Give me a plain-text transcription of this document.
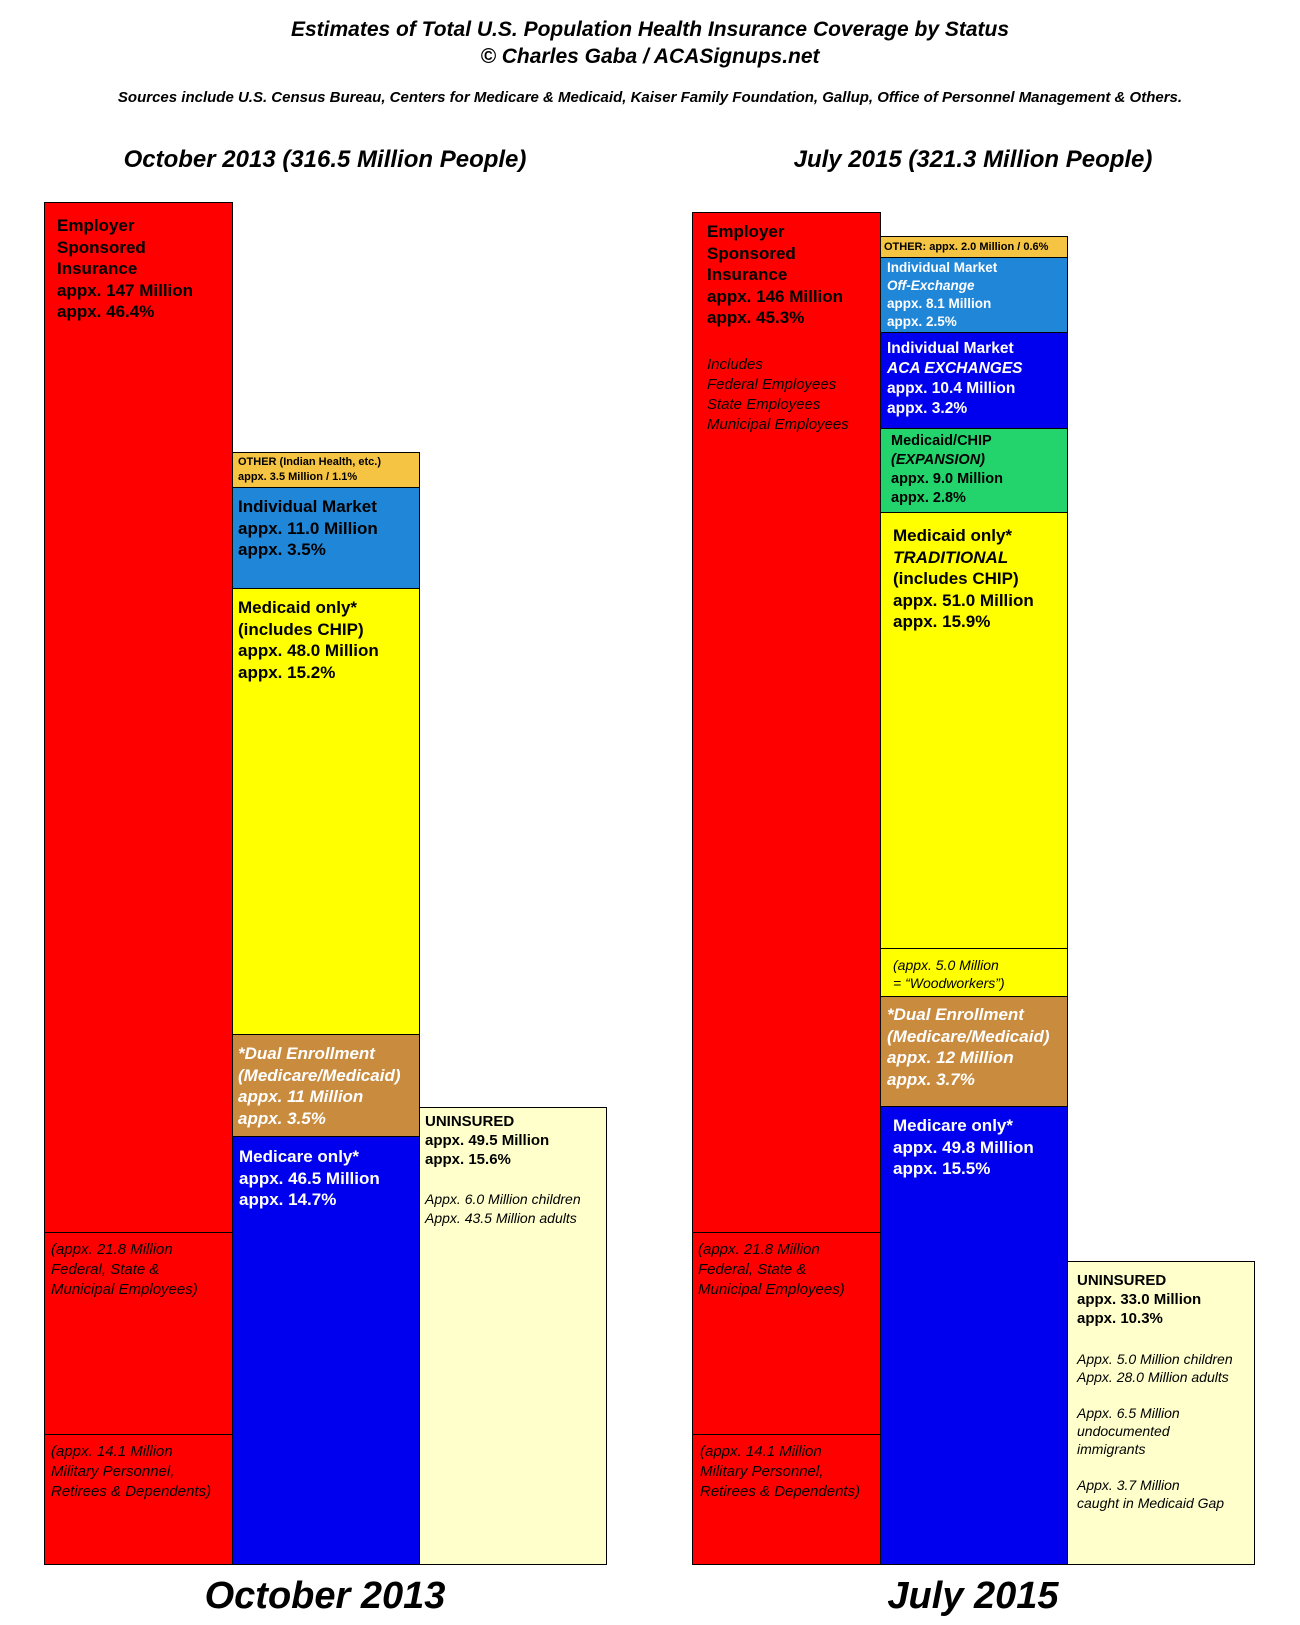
Estimates of Total U.S. Population Health Insurance Coverage by Status
© Charles Gaba / ACASignups.net
Sources include U.S. Census Bureau, Centers for Medicare & Medicaid, Kaiser Family Foundation, Gallup, Office of Personnel Management & Others.
October 2013 (316.5 Million People)	July 2015 (321.3 Million People)
Employer
Sponsored
Insurance
appx. 147 Million
appx. 46.4%
(appx. 21.8 Million
Federal, State &
Municipal Employees)
(appx. 14.1 Million
Military Personnel,
Retirees & Dependents)
OTHER (Indian Health, etc.)
appx. 3.5 Million / 1.1%
Individual Market
appx. 11.0 Million
appx. 3.5%
Medicaid only*
(includes CHIP)
appx. 48.0 Million
appx. 15.2%
*Dual Enrollment
(Medicare/Medicaid)
appx. 11 Million
appx. 3.5%
Medicare only*
appx. 46.5 Million
appx. 14.7%
UNINSURED
appx. 49.5 Million
appx. 15.6%
Appx. 6.0 Million children
Appx. 43.5 Million adults
October 2013
Employer
Sponsored
Insurance
appx. 146 Million
appx. 45.3%
Includes
Federal Employees
State Employees
Municipal Employees
(appx. 21.8 Million
Federal, State &
Municipal Employees)
(appx. 14.1 Million
Military Personnel,
Retirees & Dependents)
OTHER: appx. 2.0 Million / 0.6%
Individual Market
Off-Exchange
appx. 8.1 Million
appx. 2.5%
Individual Market
ACA EXCHANGES
appx. 10.4 Million
appx. 3.2%
Medicaid/CHIP
(EXPANSION)
appx. 9.0 Million
appx. 2.8%
Medicaid only*
TRADITIONAL
(includes CHIP)
appx. 51.0 Million
appx. 15.9%
(appx. 5.0 Million
= “Woodworkers”)
*Dual Enrollment
(Medicare/Medicaid)
appx. 12 Million
appx. 3.7%
Medicare only*
appx. 49.8 Million
appx. 15.5%
UNINSURED
appx. 33.0 Million
appx. 10.3%
Appx. 5.0 Million children
Appx. 28.0 Million adults

Appx. 6.5 Million
undocumented
immigrants

Appx. 3.7 Million
caught in Medicaid Gap
July 2015
